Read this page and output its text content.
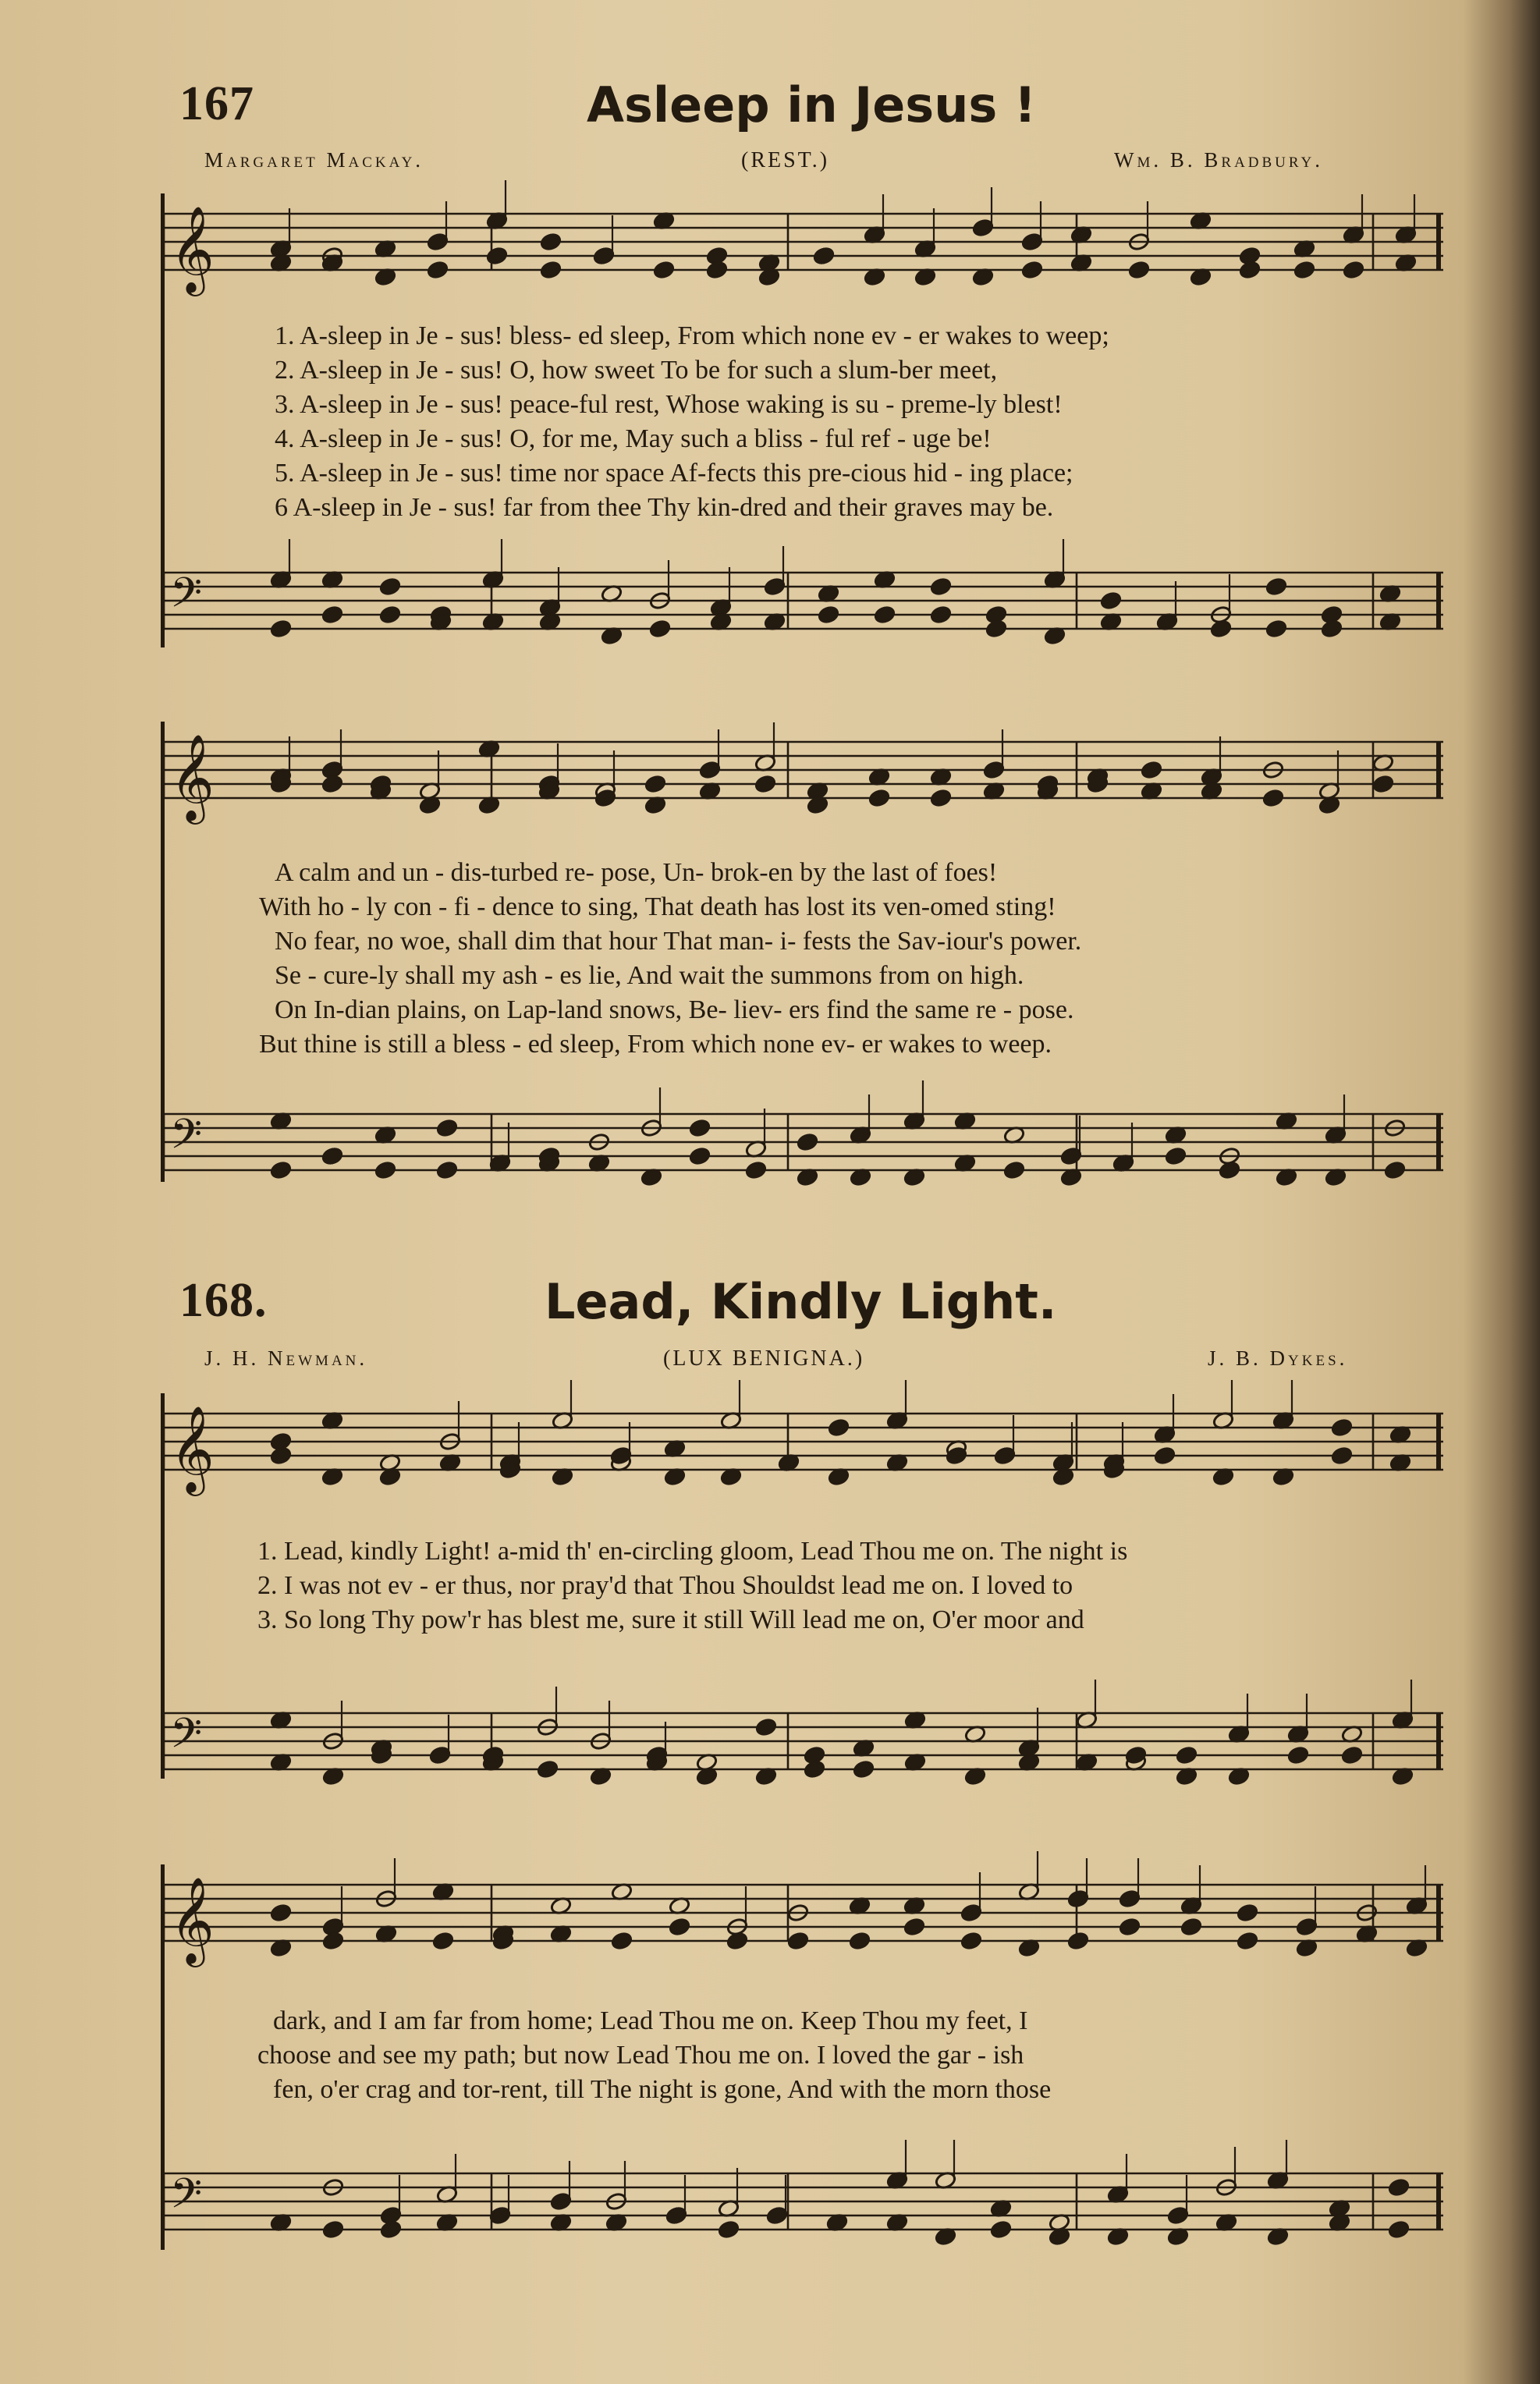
167	Asleep in Jesus !
Margaret Mackay.	(REST.)	Wm. B. Bradbury.
𝄞
1. A-sleep in Je - sus! bless- ed sleep, From which none ev - er wakes to weep;
2. A-sleep in Je - sus! O, how sweet To be for such a slum-ber meet,
3. A-sleep in Je - sus! peace-ful rest, Whose waking is su - preme-ly blest!
4. A-sleep in Je - sus! O, for me, May such a bliss - ful ref - uge be!
5. A-sleep in Je - sus! time nor space Af-fects this pre-cious hid - ing place;
6 A-sleep in Je - sus! far from thee Thy kin-dred and their graves may be.
𝄢
𝄞
A calm and un - dis-turbed re- pose, Un- brok-en by the last of foes!
With ho - ly con - fi - dence to sing, That death has lost its ven-omed sting!
No fear, no woe, shall dim that hour That man- i- fests the Sav-iour's power.
Se - cure-ly shall my ash - es lie, And wait the summons from on high.
On In-dian plains, on Lap-land snows, Be- liev- ers find the same re - pose.
But thine is still a bless - ed sleep, From which none ev- er wakes to weep.
𝄢
168.	Lead, Kindly Light.
J. H. Newman.	(LUX BENIGNA.)	J. B. Dykes.
𝄞
1. Lead, kindly Light! a-mid th' en-circling gloom, Lead Thou me on. The night is
2. I was not ev - er thus, nor pray'd that Thou Shouldst lead me on. I loved to
3. So long Thy pow'r has blest me, sure it still Will lead me on, O'er moor and
𝄢
𝄞
dark, and I am far from home; Lead Thou me on. Keep Thou my feet, I
choose and see my path; but now Lead Thou me on. I loved the gar - ish
fen, o'er crag and tor-rent, till The night is gone, And with the morn those
𝄢
